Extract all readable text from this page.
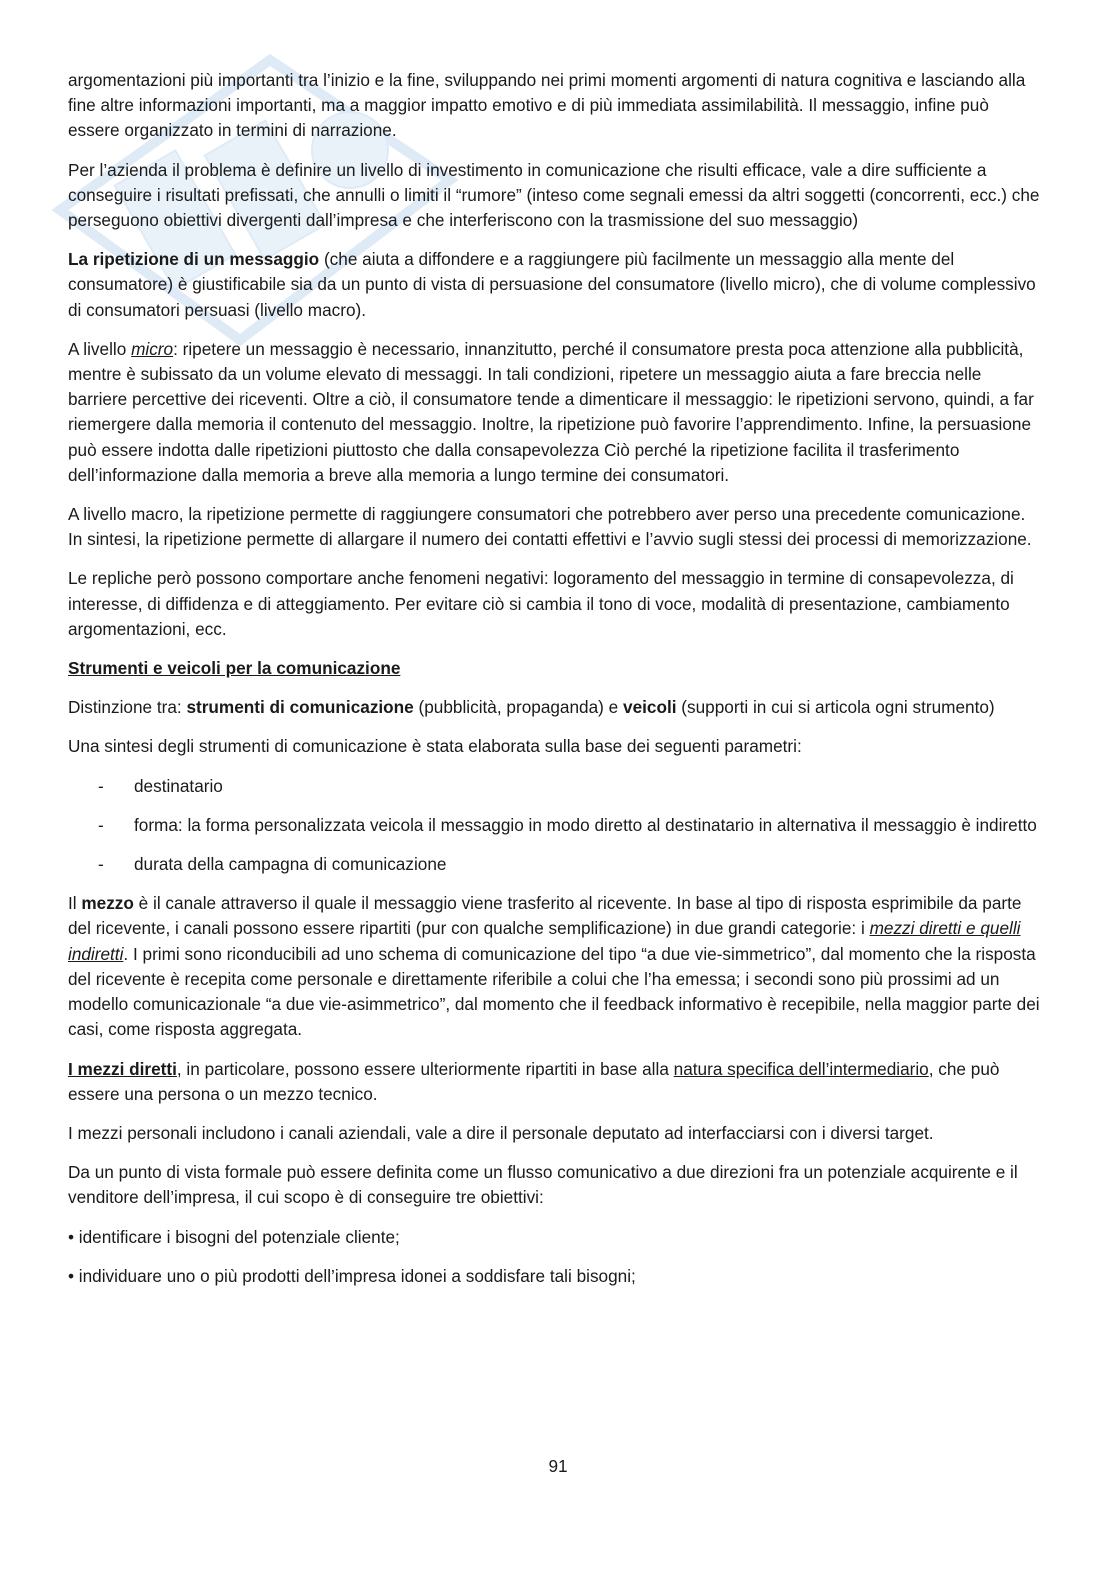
argomentazioni più importanti tra l’inizio e la fine, sviluppando nei primi momenti argomenti di natura cognitiva e lasciando alla fine altre informazioni importanti, ma a maggior impatto emotivo e di più immediata assimilabilità. Il messaggio, infine può essere organizzato in termini di narrazione.

Per l’azienda il problema è definire un livello di investimento in comunicazione che risulti efficace, vale a dire sufficiente a conseguire i risultati prefissati, che annulli o limiti il “rumore” (inteso come segnali emessi da altri soggetti (concorrenti, ecc.) che perseguono obiettivi divergenti dall’impresa e che interferiscono con la trasmissione del suo messaggio)

La ripetizione di un messaggio (che aiuta a diffondere e a raggiungere più facilmente un messaggio alla mente del consumatore) è giustificabile sia da un punto di vista di persuasione del consumatore (livello micro), che di volume complessivo di consumatori persuasi (livello macro).

A livello micro: ripetere un messaggio è necessario, innanzitutto, perché il consumatore presta poca attenzione alla pubblicità, mentre è subissato da un volume elevato di messaggi. In tali condizioni, ripetere un messaggio aiuta a fare breccia nelle barriere percettive dei riceventi. Oltre a ciò, il consumatore tende a dimenticare il messaggio: le ripetizioni servono, quindi, a far riemergere dalla memoria il contenuto del messaggio. Inoltre, la ripetizione può favorire l’apprendimento. Infine, la persuasione può essere indotta dalle ripetizioni piuttosto che dalla consapevolezza Ciò perché la ripetizione facilita il trasferimento dell’informazione dalla memoria a breve alla memoria a lungo termine dei consumatori.

A livello macro, la ripetizione permette di raggiungere consumatori che potrebbero aver perso una precedente comunicazione. In sintesi, la ripetizione permette di allargare il numero dei contatti effettivi e l’avvio sugli stessi dei processi di memorizzazione.

Le repliche però possono comportare anche fenomeni negativi: logoramento del messaggio in termine di consapevolezza, di interesse, di diffidenza e di atteggiamento. Per evitare ciò si cambia il tono di voce, modalità di presentazione, cambiamento argomentazioni, ecc.

Strumenti e veicoli per la comunicazione

Distinzione tra: strumenti di comunicazione (pubblicità, propaganda) e veicoli (supporti in cui si articola ogni strumento)

Una sintesi degli strumenti di comunicazione è stata elaborata sulla base dei seguenti parametri:

- destinatario
- forma: la forma personalizzata veicola il messaggio in modo diretto al destinatario in alternativa il messaggio è indiretto
- durata della campagna di comunicazione

Il mezzo è il canale attraverso il quale il messaggio viene trasferito al ricevente. In base al tipo di risposta esprimibile da parte del ricevente, i canali possono essere ripartiti (pur con qualche semplificazione) in due grandi categorie: i mezzi diretti e quelli indiretti. I primi sono riconducibili ad uno schema di comunicazione del tipo “a due vie-simmetrico”, dal momento che la risposta del ricevente è recepita come personale e direttamente riferibile a colui che l’ha emessa; i secondi sono più prossimi ad un modello comunicazionale “a due vie-asimmetrico”, dal momento che il feedback informativo è recepibile, nella maggior parte dei casi, come risposta aggregata.

I mezzi diretti, in particolare, possono essere ulteriormente ripartiti in base alla natura specifica dell’intermediario, che può essere una persona o un mezzo tecnico.

I mezzi personali includono i canali aziendali, vale a dire il personale deputato ad interfacciarsi con i diversi target.

Da un punto di vista formale può essere definita come un flusso comunicativo a due direzioni fra un potenziale acquirente e il venditore dell’impresa, il cui scopo è di conseguire tre obiettivi:

• identificare i bisogni del potenziale cliente;
• individuare uno o più prodotti dell’impresa idonei a soddisfare tali bisogni;
91
